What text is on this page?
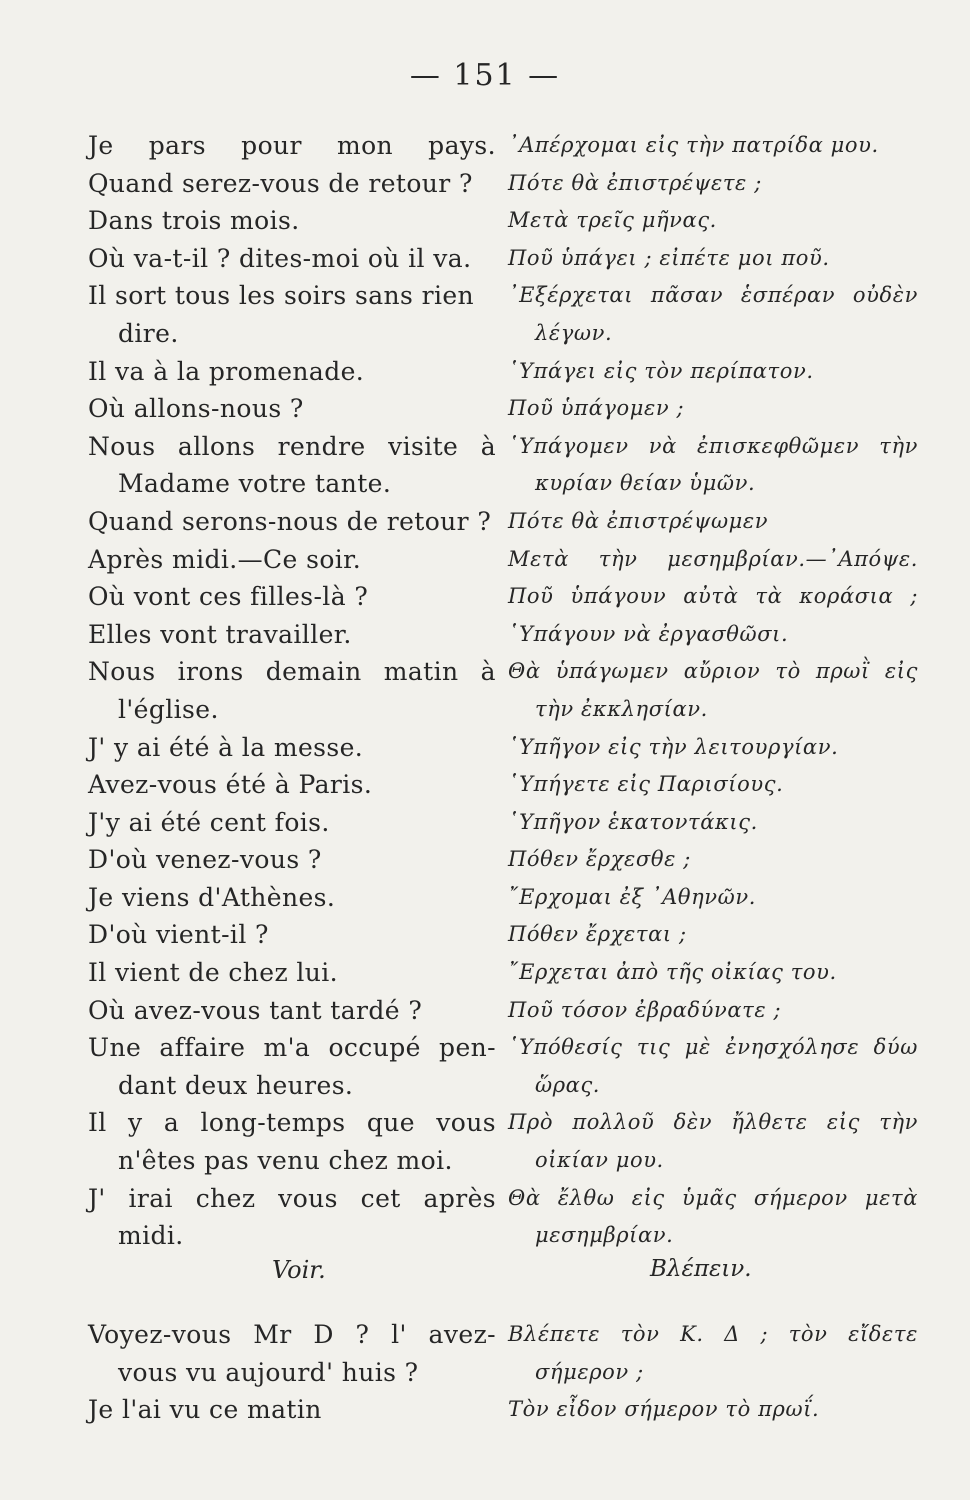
— 151 —
Je pars pour mon pays. ᾿Απέρχομαι εἰς τὴν πατρίδα μου.
Quand serez-vous de retour ?	Πότε θὰ ἐπιστρέψετε ;
Dans trois mois.	Μετὰ τρεῖς μῆνας.
Où va-t-il ? dites-moi où il va.	Ποῦ ὑπάγει ; εἰπέτε μοι ποῦ.
Il sort tous les soirs sans rien	᾿Εξέρχεται πᾶσαν ἑσπέραν οὐδὲν
dire.	λέγων.
Il va à la promenade.	῾Υπάγει εἰς τὸν περίπατον.
Où allons-nous ?	Ποῦ ὑπάγομεν ;
Nous allons rendre visite à ῾Υπάγομεν νὰ ἐπισκεφθῶμεν τὴν
Madame votre tante.	κυρίαν θείαν ὑμῶν.
Quand serons-nous de retour ? Πότε θὰ ἐπιστρέψωμεν
Après midi.—Ce soir.	Μετὰ τὴν μεσημβρίαν.—᾿Απόψε.
Où vont ces filles-là ?	Ποῦ ὑπάγουν αὐτὰ τὰ κοράσια ;
Elles vont travailler.	῾Υπάγουν νὰ ἐργασθῶσι.
Nous irons demain matin à Θὰ ὑπάγωμεν αὔριον τὸ πρωῒ εἰς
l'église.	τὴν ἐκκλησίαν.
J' y ai été à la messe.	῾Υπῆγον εἰς τὴν λειτουργίαν.
Avez-vous été à Paris.	῾Υπήγετε εἰς Παρισίους.
J'y ai été cent fois.	῾Υπῆγον ἑκατοντάκις.
D'où venez-vous ?	Πόθεν ἔρχεσθε ;
Je viens d'Athènes.	῎Ερχομαι ἐξ ᾿Αθηνῶν.
D'où vient-il ?	Πόθεν ἔρχεται ;
Il vient de chez lui.	῎Ερχεται ἀπὸ τῆς οἰκίας του.
Où avez-vous tant tardé ?	Ποῦ τόσον ἐβραδύνατε ;
Une affaire m'a occupé pen- ῾Υπόθεσίς τις μὲ ἐνησχόλησε δύω
dant deux heures.	ὥρας.
Il y a long-temps que vous Πρὸ πολλοῦ δὲν ἤλθετε εἰς τὴν
n'êtes pas venu chez moi.	οἰκίαν μου.
J' irai chez vous cet après Θὰ ἔλθω εἰς ὑμᾶς σήμερον μετὰ
midi.	μεσημβρίαν.
Voir.	Βλέπειν.
Voyez-vous Mr D ? l' avez- Βλέπετε τὸν Κ. Δ ; τὸν εἴδετε
vous vu aujourd' huis ?	σήμερον ;
Je l'ai vu ce matin	Τὸν εἶδον σήμερον τὸ πρωΐ.
